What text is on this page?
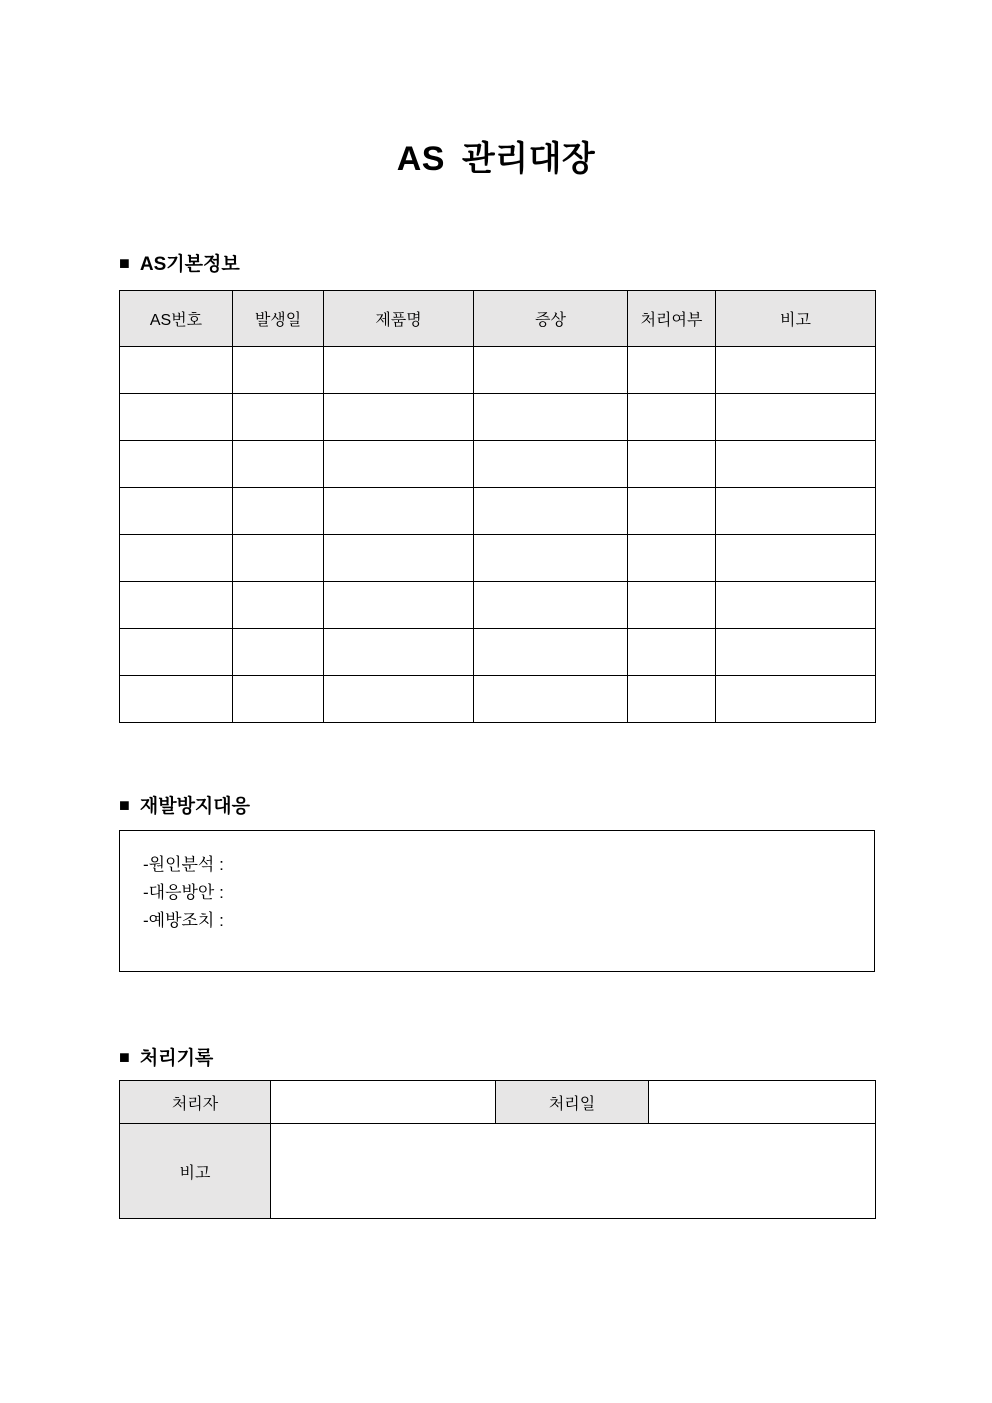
AS 관리대장
■ AS기본정보
AS번호	발생일	제품명	증상	처리여부	비고

■ 재발방지대응
-원인분석 :
-대응방안 :
-예방조치 :
■ 처리기록
처리자		처리일	
비고			
